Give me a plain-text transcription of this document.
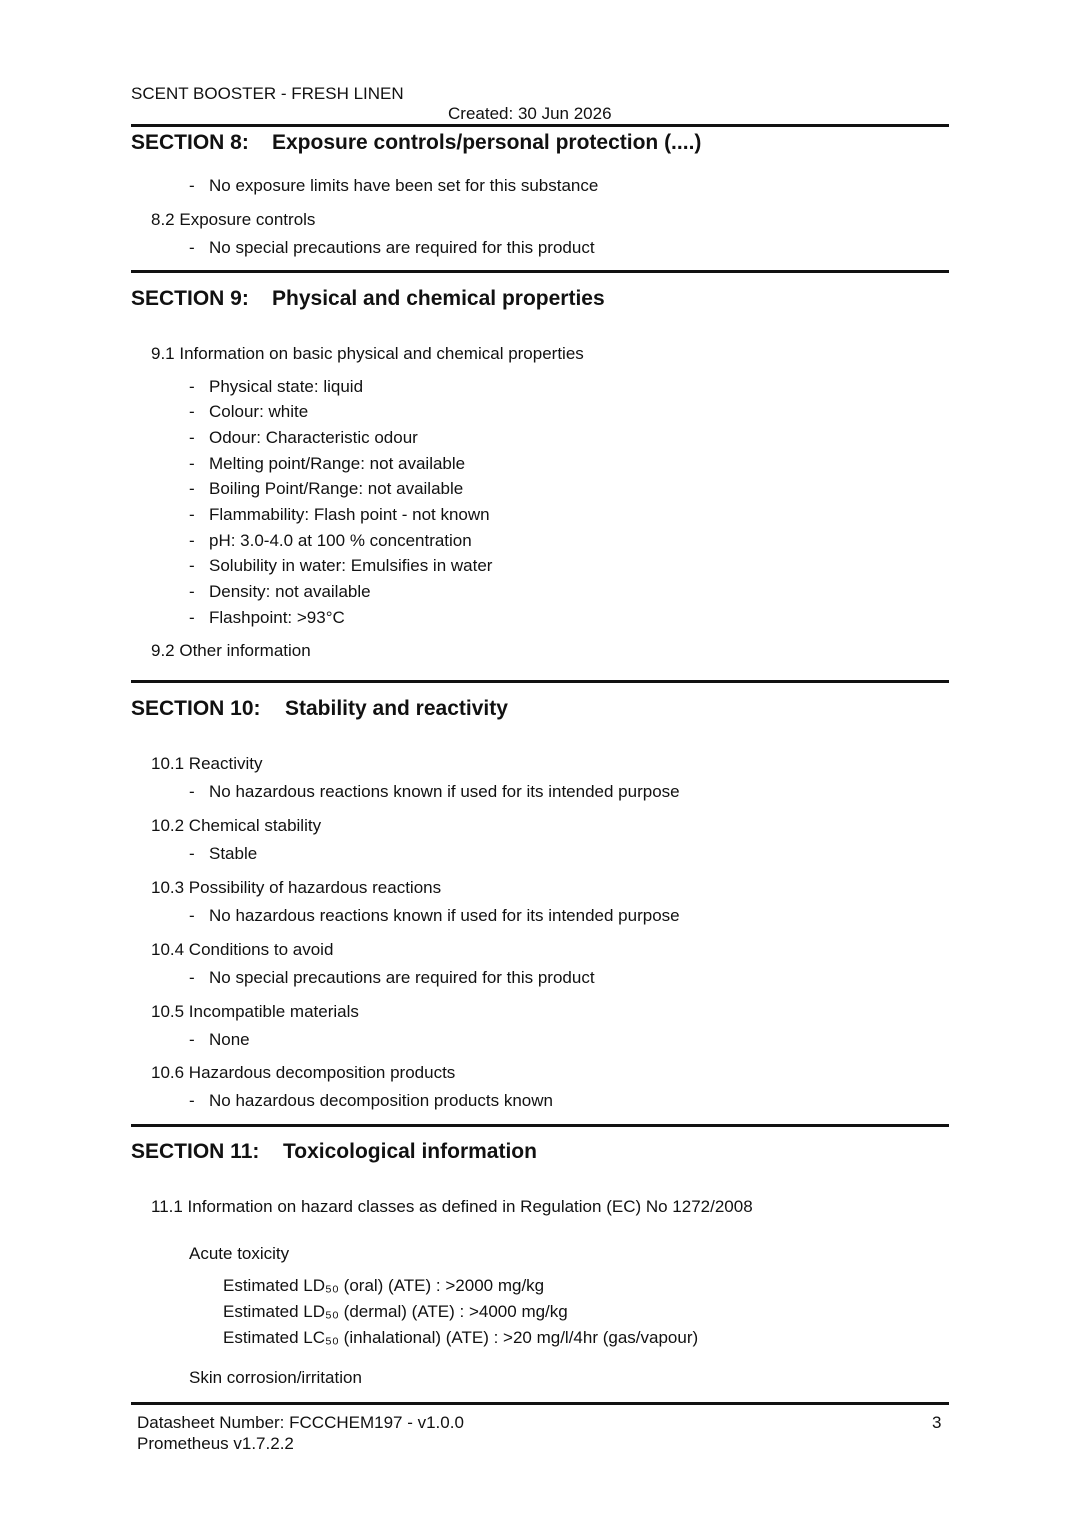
SCENT BOOSTER - FRESH LINEN
Created: 30 Jun 2026
SECTION 8: Exposure controls/personal protection (....)
- No exposure limits have been set for this substance
8.2 Exposure controls
- No special precautions are required for this product
SECTION 9: Physical and chemical properties
9.1 Information on basic physical and chemical properties
- Physical state: liquid
- Colour: white
- Odour: Characteristic odour
- Melting point/Range: not available
- Boiling Point/Range: not available
- Flammability: Flash point - not known
- pH: 3.0-4.0 at 100 % concentration
- Solubility in water: Emulsifies in water
- Density: not available
- Flashpoint: >93°C
9.2 Other information
SECTION 10: Stability and reactivity
10.1 Reactivity
- No hazardous reactions known if used for its intended purpose
10.2 Chemical stability
- Stable
10.3 Possibility of hazardous reactions
- No hazardous reactions known if used for its intended purpose
10.4 Conditions to avoid
- No special precautions are required for this product
10.5 Incompatible materials
- None
10.6 Hazardous decomposition products
- No hazardous decomposition products known
SECTION 11: Toxicological information
11.1 Information on hazard classes as defined in Regulation (EC) No 1272/2008
Acute toxicity
Estimated LD₅₀ (oral) (ATE) : >2000 mg/kg
Estimated LD₅₀ (dermal) (ATE) : >4000 mg/kg
Estimated LC₅₀ (inhalational) (ATE) : >20 mg/l/4hr (gas/vapour)
Skin corrosion/irritation
Datasheet Number: FCCCHEM197 - v1.0.0
Prometheus v1.7.2.2
3
